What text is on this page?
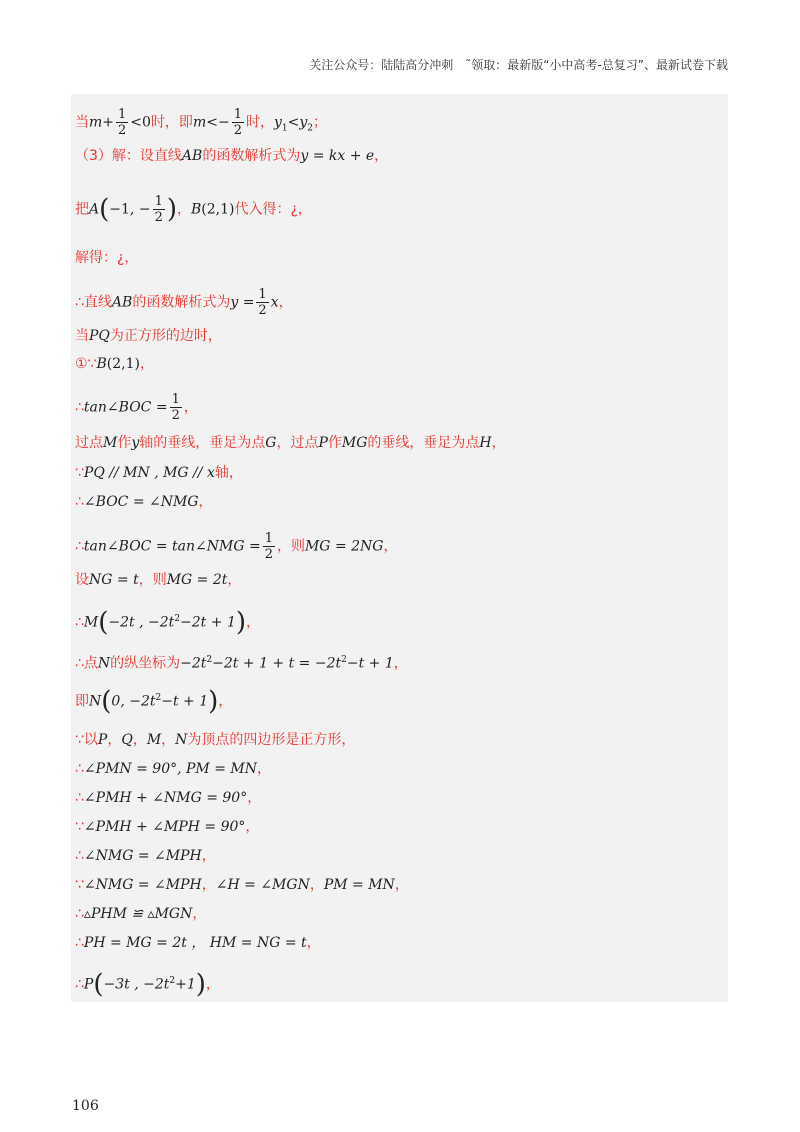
关注公众号：陆陆高分冲刺　˜领取：最新版“小中高考-总复习”、最新试卷下载
当$m+ \frac{1}{2} <0$时，即$m<- \frac{1}{2}$ 时，$y_1<y_2$；
（3）解：设直线AB的函数解析式为y = kx + e，
把A(−1, − $\frac{1}{2}$ )，B(2,1)代入得：¿，
解得：¿，
∴直线AB的函数解析式为$y = \frac{1}{2}$ x，
当PQ为正方形的边时，
①∵B(2,1)，
∴tan∠BOC = $\frac{1}{2}$ ，
过点M作y轴的垂线，垂足为点G，过点P作MG的垂线，垂足为点H，
∵PQ // MN , MG // x轴，
∴∠BOC = ∠NMG，
∴tan∠BOC = tan∠NMG = $\frac{1}{2}$ ，则MG = 2NG，
设NG = t，则MG = 2t，
∴M(−2t , $-2t^2-2t + 1$)，
∴点N的纵坐标为$-2t^2-2t + 1 + t = -2t^2-t + 1$，
即N(0, $-2t^2-t + 1$)，
∵以P，Q，M，N为顶点的四边形是正方形，
∴∠PMN = 90°, PM = MN，
∴∠PMH + ∠NMG = 90°，
∵∠PMH + ∠MPH = 90°，
∴∠NMG = ∠MPH，
∵∠NMG = ∠MPH，∠H = ∠MGN，PM = MN，
∴▵PHM ≌ ▵MGN，
∴PH = MG = 2t ， HM = NG = t，
∴P(−3t , $-2t^2+1$)，
106
